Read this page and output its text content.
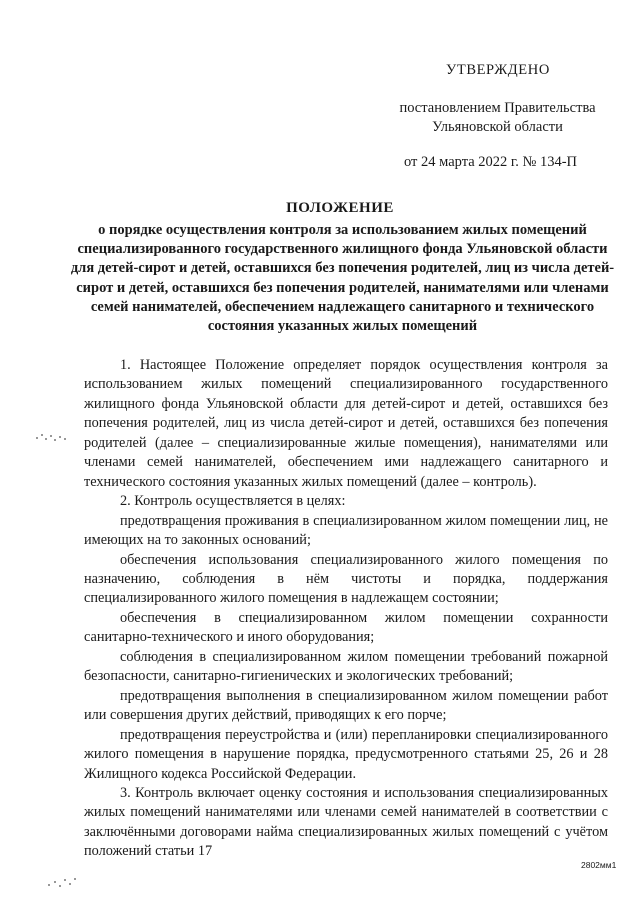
УТВЕРЖДЕНО
постановлением Правительства
Ульяновской области
от 24 марта 2022 г. № 134-П
ПОЛОЖЕНИЕ
о порядке осуществления контроля за использованием жилых помещений специализированного государственного жилищного фонда Ульяновской области для детей-сирот и детей, оставшихся без попечения родителей, лиц из числа детей-сирот и детей, оставшихся без попечения родителей, нанимателями или членами семей нанимателей, обеспечением надлежащего санитарного и технического состояния указанных жилых помещений

1. Настоящее Положение определяет порядок осуществления контроля за использованием жилых помещений специализированного государственного жилищного фонда Ульяновской области для детей-сирот и детей, оставшихся без попечения родителей, лиц из числа детей-сирот и детей, оставшихся без попечения родителей (далее – специализированные жилые помещения), нанимателями или членами семей нанимателей, обеспечением ими надлежащего санитарного и технического состояния указанных жилых помещений (далее – контроль).

2. Контроль осуществляется в целях:

предотвращения проживания в специализированном жилом помещении лиц, не имеющих на то законных оснований;

обеспечения использования специализированного жилого помещения по назначению, соблюдения в нём чистоты и порядка, поддержания специализированного жилого помещения в надлежащем состоянии;

обеспечения в специализированном жилом помещении сохранности санитарно-технического и иного оборудования;

соблюдения в специализированном жилом помещении требований пожарной безопасности, санитарно-гигиенических и экологических требований;

предотвращения выполнения в специализированном жилом помещении работ или совершения других действий, приводящих к его порче;

предотвращения переустройства и (или) перепланировки специализированного жилого помещения в нарушение порядка, предусмотренного статьями 25, 26 и 28 Жилищного кодекса Российской Федерации.

3. Контроль включает оценку состояния и использования специализированных жилых помещений нанимателями или членами семей нанимателей в соответствии с заключёнными договорами найма специализированных жилых помещений с учётом положений статьи 17

2802мм1
